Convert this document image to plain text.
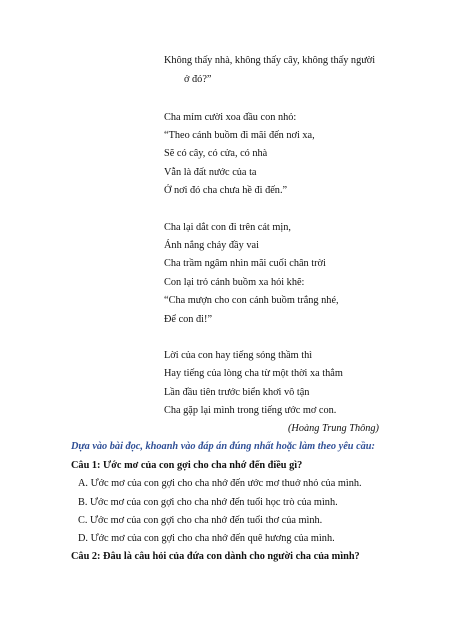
Không thấy nhà, không thấy cây, không thấy người
ở đó?”
Cha mỉm cười xoa đầu con nhỏ:
“Theo cánh buồm đi mãi đến nơi xa,
Sẽ có cây, có cửa, có nhà
Vẫn là đất nước của ta
Ở nơi đó cha chưa hề đi đến.”
Cha lại dắt con đi trên cát mịn,
Ánh nắng chảy đầy vai
Cha trầm ngâm nhìn mãi cuối chân trời
Con lại trỏ cánh buồm xa hỏi khẽ:
“Cha mượn cho con cánh buồm trắng nhé,
Để con đi!”
Lời của con hay tiếng sóng thầm thì
Hay tiếng của lòng cha từ một thời xa thẳm
Lần đầu tiên trước biển khơi vô tận
Cha gặp lại mình trong tiếng ước mơ con.
(Hoàng Trung Thông)
Dựa vào bài đọc, khoanh vào đáp án đúng nhất hoặc làm theo yêu cầu:
Câu 1: Ước mơ của con gợi cho cha nhớ đến điều gì?
A. Ước mơ của con gợi cho cha nhớ đến ước mơ thuở nhỏ của mình.
B. Ước mơ của con gợi cho cha nhớ đến tuổi học trò của mình.
C. Ước mơ của con gợi cho cha nhớ đến tuổi thơ của mình.
D. Ước mơ của con gợi cho cha nhớ đến quê hương của mình.
Câu 2: Đâu là câu hỏi của đứa con dành cho người cha của mình?
